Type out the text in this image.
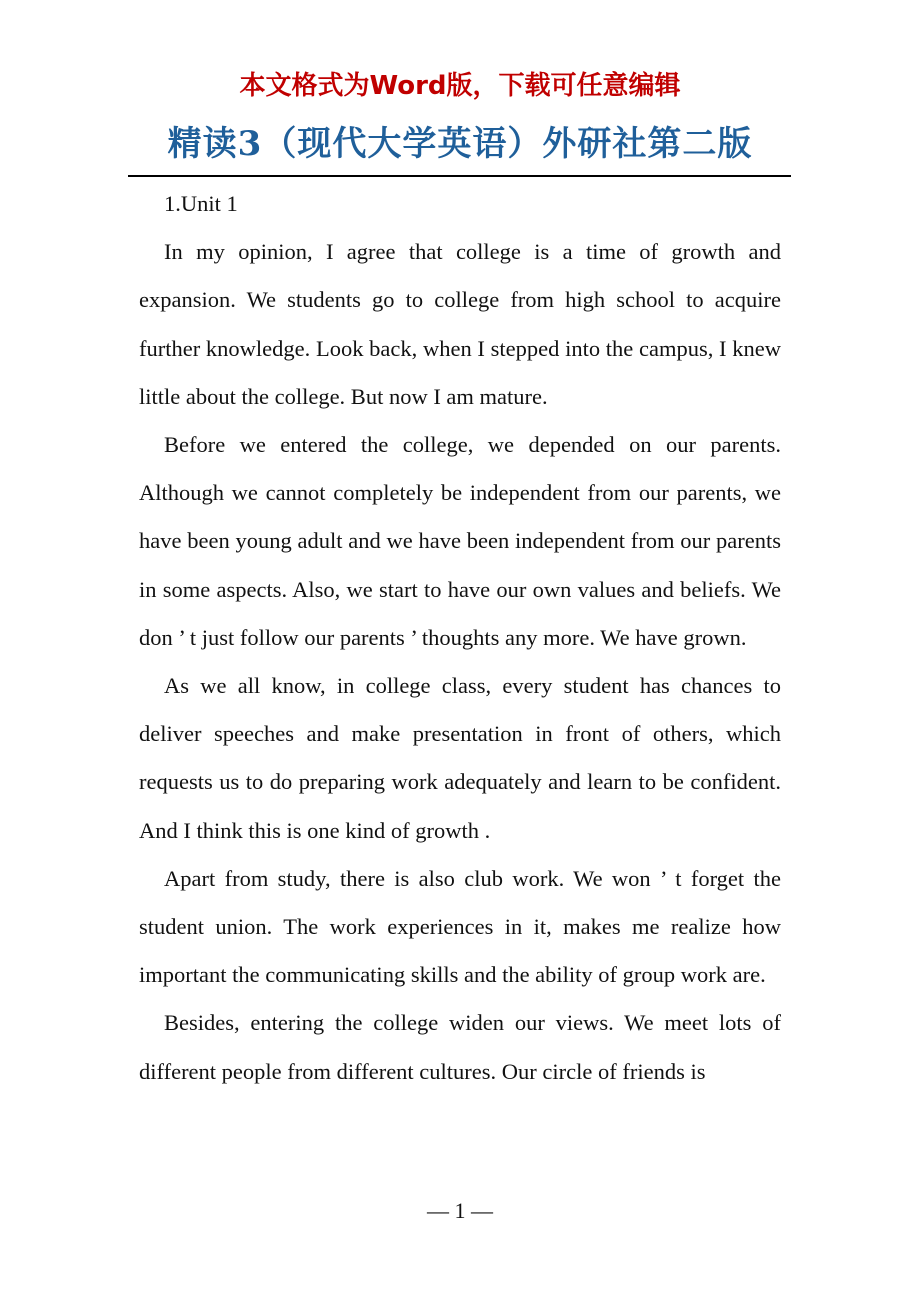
本文格式为Word版，下载可任意编辑
精读3（现代大学英语）外研社第二版

1.Unit 1

In my opinion, I agree that college is a time of growth and expansion. We students go to college from high school to acquire further knowledge. Look back, when I stepped into the campus, I knew little about the college. But now I am mature.

Before we entered the college, we depended on our parents. Although we cannot completely be independent from our parents, we have been young adult and we have been independent from our parents in some aspects. Also, we start to have our own values and beliefs. We don ’ t just follow our parents ’ thoughts any more. We have grown.

As we all know, in college class, every student has chances to deliver speeches and make presentation in front of others, which requests us to do preparing work adequately and learn to be confident. And I think this is one kind of growth .

Apart from study, there is also club work. We won ’ t forget the student union. The work experiences in it, makes me realize how important the communicating skills and the ability of group work are.

Besides, entering the college widen our views. We meet lots of different people from different cultures. Our circle of friends is

— 1 —
